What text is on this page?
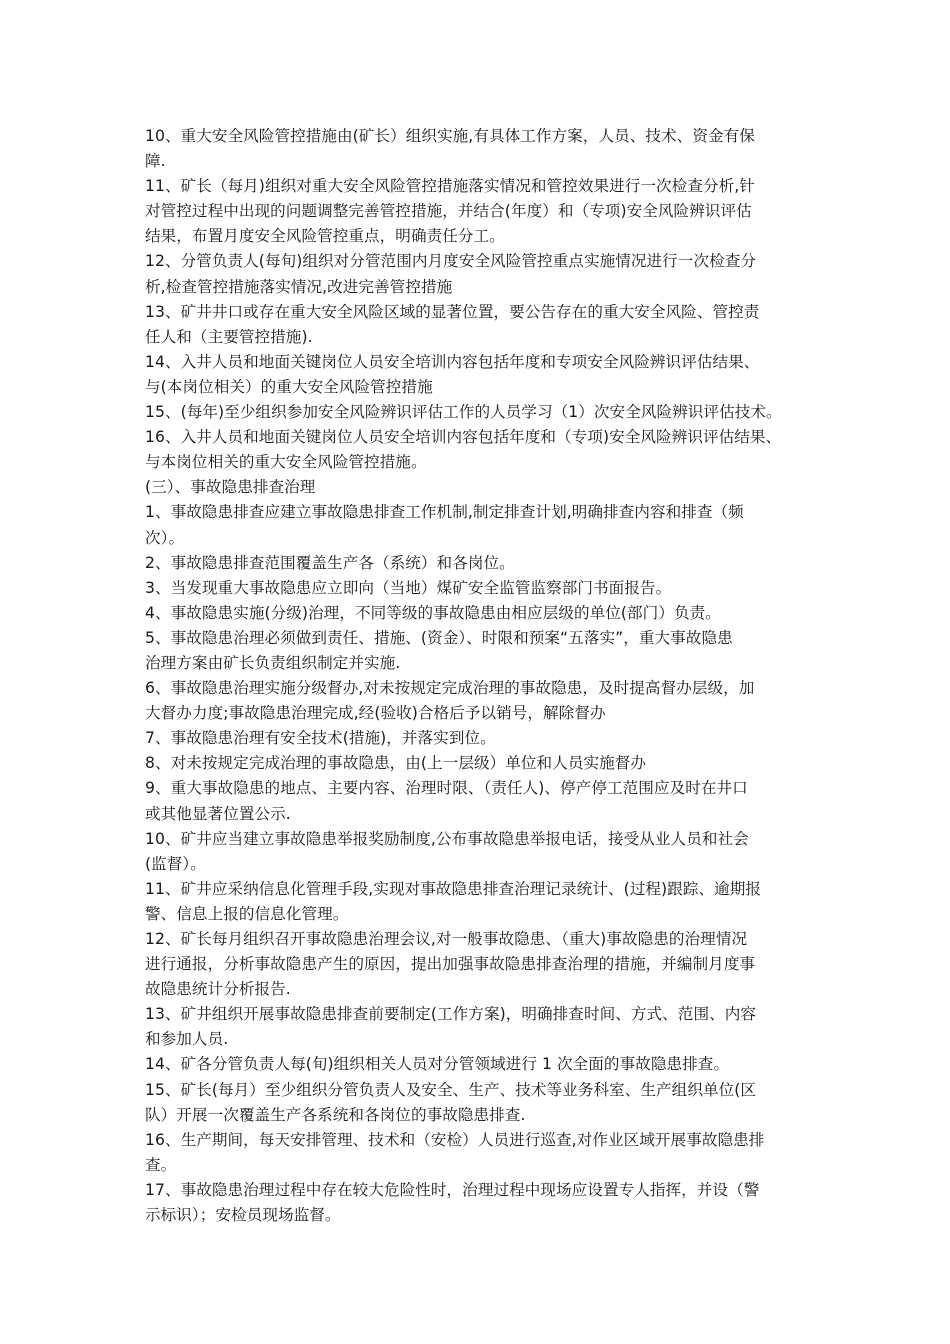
10、重大安全风险管控措施由(矿长）组织实施,有具体工作方案，人员、技术、资金有保
障.
11、矿长（每月)组织对重大安全风险管控措施落实情况和管控效果进行一次检查分析,针
对管控过程中出现的问题调整完善管控措施，并结合(年度）和（专项)安全风险辨识评估
结果，布置月度安全风险管控重点，明确责任分工。
12、分管负责人(每旬)组织对分管范围内月度安全风险管控重点实施情况进行一次检查分
析,检查管控措施落实情况,改进完善管控措施
13、矿井井口或存在重大安全风险区域的显著位置，要公告存在的重大安全风险、管控责
任人和（主要管控措施).
14、入井人员和地面关键岗位人员安全培训内容包括年度和专项安全风险辨识评估结果、
与(本岗位相关）的重大安全风险管控措施
15、(每年)至少组织参加安全风险辨识评估工作的人员学习（1）次安全风险辨识评估技术。
16、入井人员和地面关键岗位人员安全培训内容包括年度和（专项)安全风险辨识评估结果、
与本岗位相关的重大安全风险管控措施。
(三）、事故隐患排查治理
1、事故隐患排查应建立事故隐患排查工作机制,制定排查计划,明确排查内容和排查（频
次）。
2、事故隐患排查范围覆盖生产各（系统）和各岗位。
3、当发现重大事故隐患应立即向（当地）煤矿安全监管监察部门书面报告。
4、事故隐患实施(分级)治理，不同等级的事故隐患由相应层级的单位(部门）负责。
5、事故隐患治理必须做到责任、措施、(资金）、时限和预案“五落实”，重大事故隐患
治理方案由矿长负责组织制定并实施.
6、事故隐患治理实施分级督办,对未按规定完成治理的事故隐患，及时提高督办层级，加
大督办力度;事故隐患治理完成,经(验收)合格后予以销号，解除督办
7、事故隐患治理有安全技术(措施)，并落实到位。
8、对未按规定完成治理的事故隐患，由(上一层级）单位和人员实施督办
9、重大事故隐患的地点、主要内容、治理时限、（责任人)、停产停工范围应及时在井口
或其他显著位置公示.
10、矿井应当建立事故隐患举报奖励制度,公布事故隐患举报电话，接受从业人员和社会
(监督）。
11、矿井应采纳信息化管理手段,实现对事故隐患排查治理记录统计、(过程)跟踪、逾期报
警、信息上报的信息化管理。
12、矿长每月组织召开事故隐患治理会议,对一般事故隐患、（重大)事故隐患的治理情况
进行通报，分析事故隐患产生的原因，提出加强事故隐患排查治理的措施，并编制月度事
故隐患统计分析报告.
13、矿井组织开展事故隐患排查前要制定(工作方案)，明确排查时间、方式、范围、内容
和参加人员.
14、矿各分管负责人每(旬)组织相关人员对分管领域进行 1 次全面的事故隐患排查。
15、矿长(每月）至少组织分管负责人及安全、生产、技术等业务科室、生产组织单位(区
队）开展一次覆盖生产各系统和各岗位的事故隐患排查.
16、生产期间，每天安排管理、技术和（安检）人员进行巡查,对作业区域开展事故隐患排
查。
17、事故隐患治理过程中存在较大危险性时，治理过程中现场应设置专人指挥，并设（警
示标识）；安检员现场监督。
